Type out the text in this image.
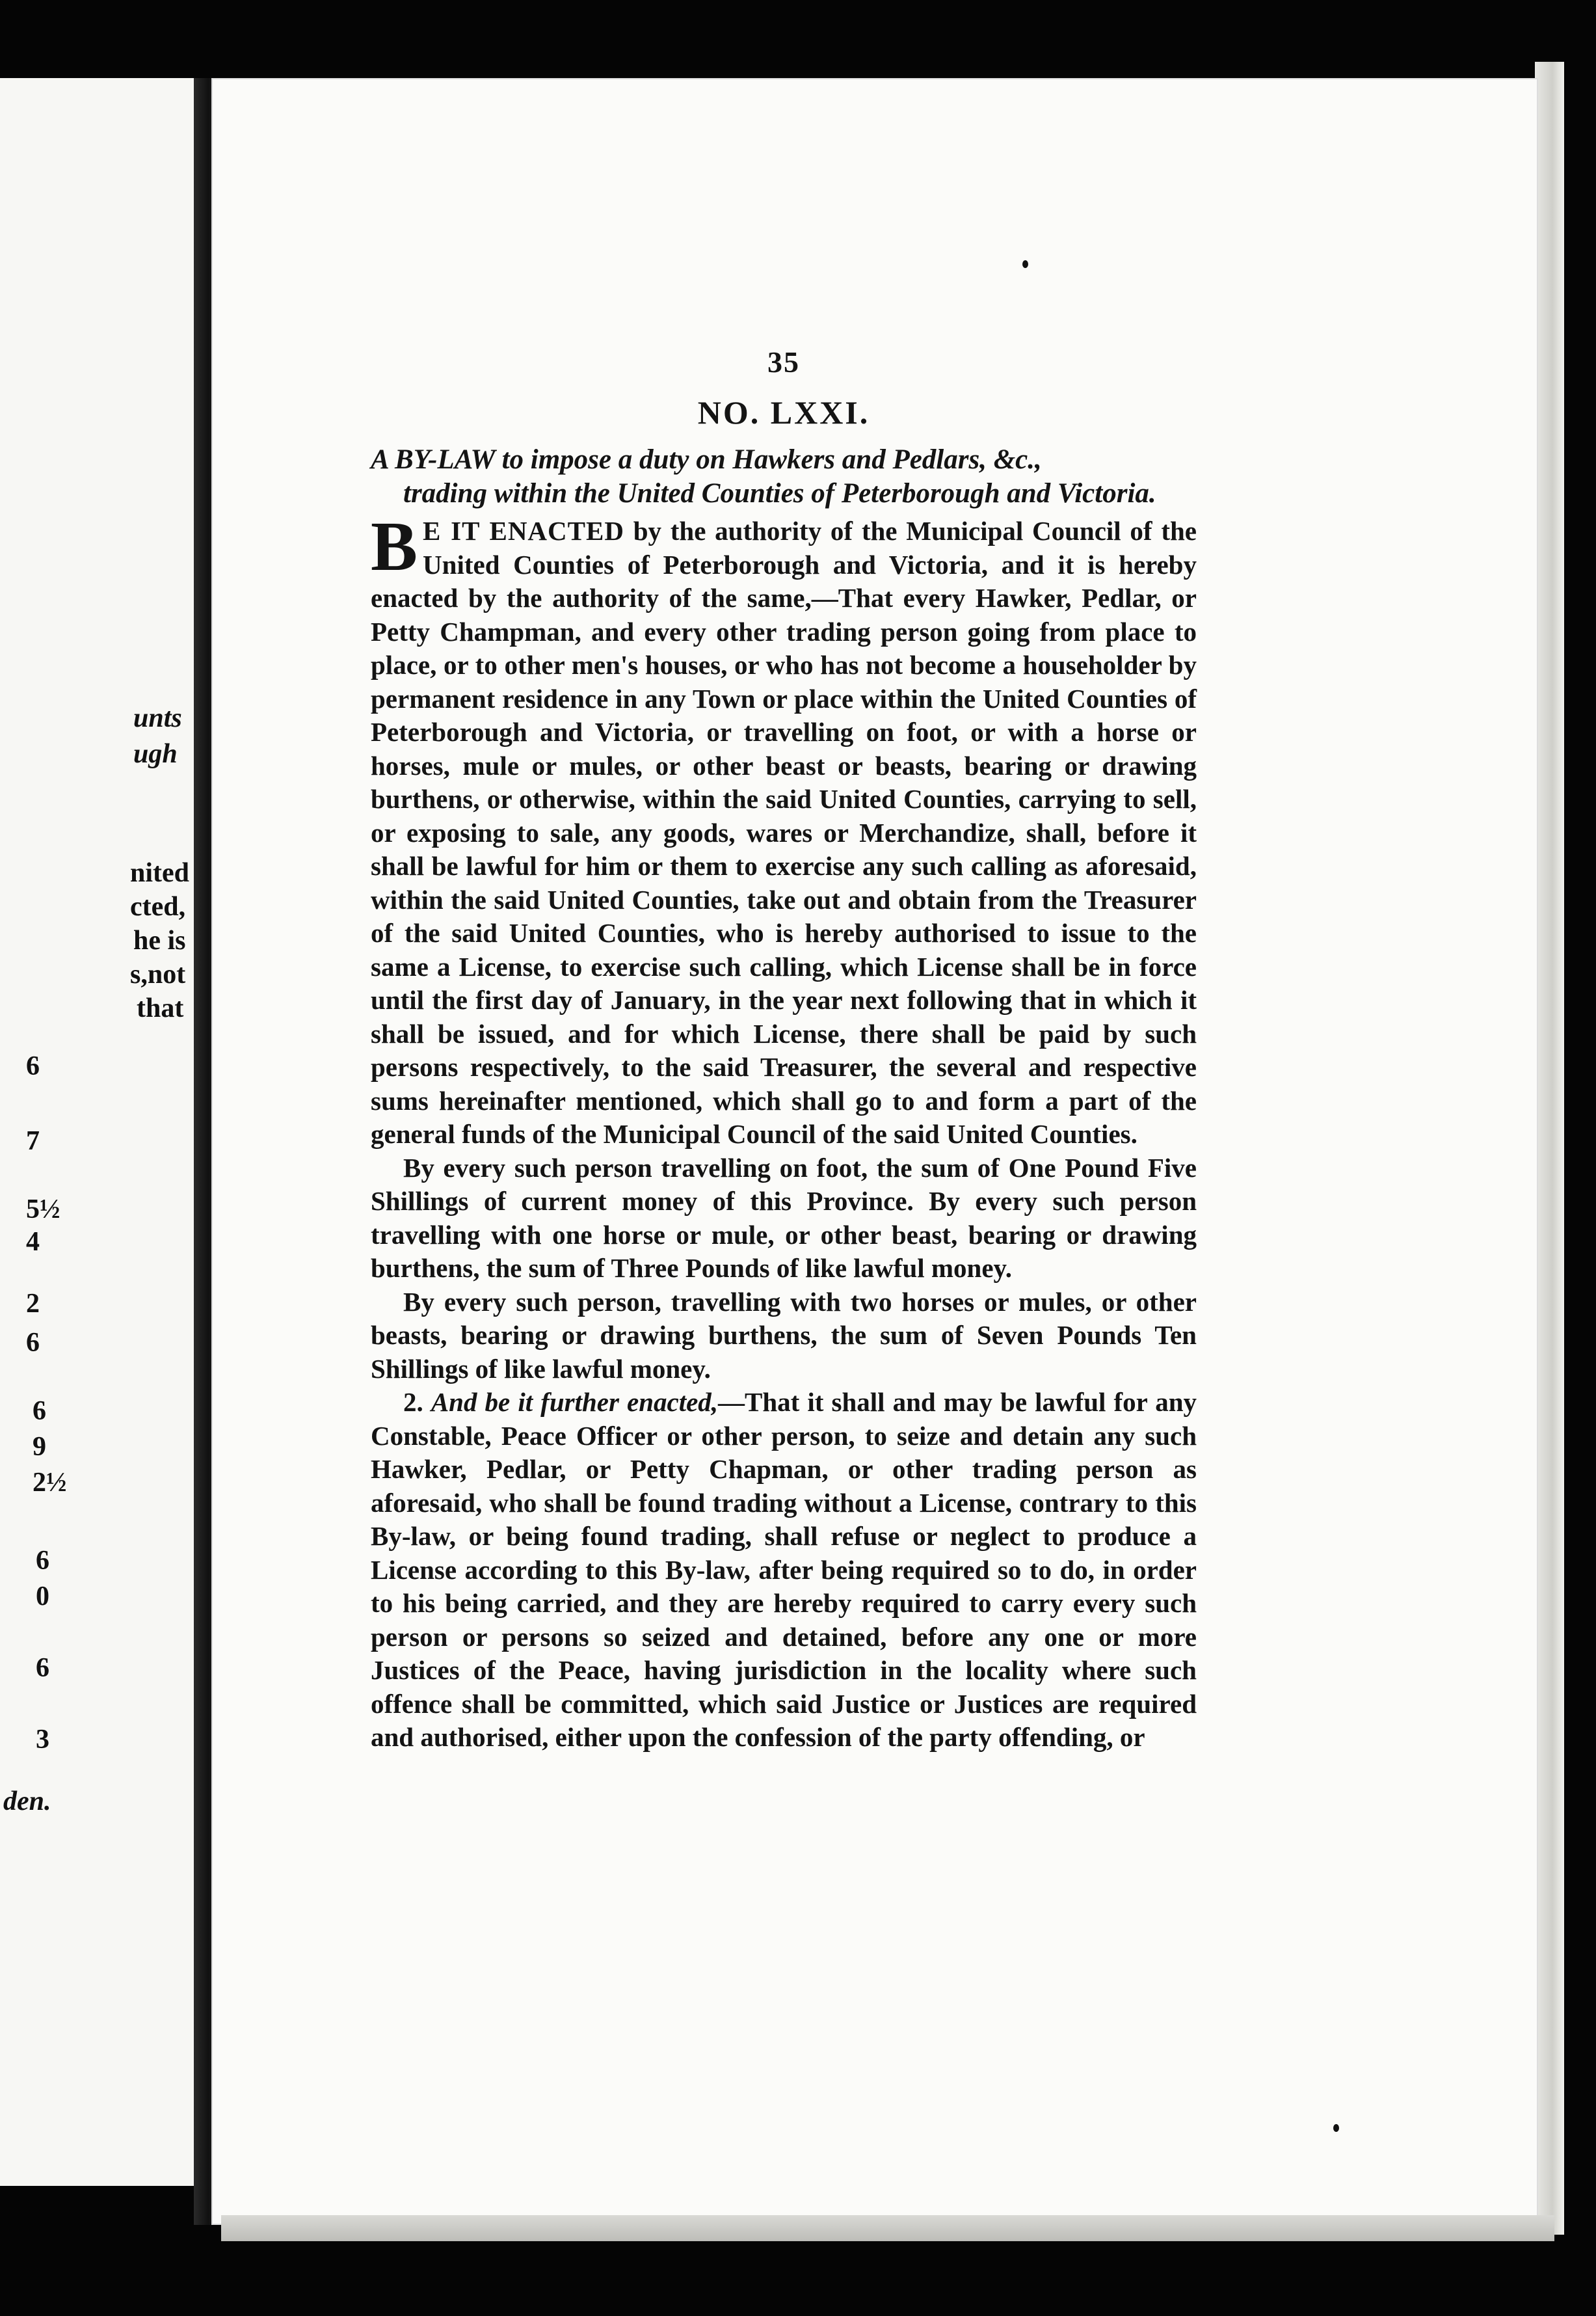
unts
ugh
nited
cted,
he is
s,not
that
6
7
5½
4
2
6
6
9
2½
6
0
6
3
den.
35
NO. LXXI.
A BY-LAW to impose a duty on Hawkers and Pedlars, &c.,
trading within the United Counties of Peterborough and Victoria.

B E IT ENACTED by the authority of the Municipal Council of the United Counties of Peterborough and Victoria, and it is hereby enacted by the authority of the same,—That every Hawker, Pedlar, or Petty Champman, and every other trading person going from place to place, or to other men's houses, or who has not become a householder by permanent residence in any Town or place within the United Counties of Peterborough and Victoria, or travelling on foot, or with a horse or horses, mule or mules, or other beast or beasts, bearing or drawing burthens, or otherwise, within the said United Counties, carrying to sell, or exposing to sale, any goods, wares or Merchandize, shall, before it shall be lawful for him or them to exercise any such calling as aforesaid, within the said United Counties, take out and obtain from the Treasurer of the said United Counties, who is hereby authorised to issue to the same a License, to exercise such calling, which License shall be in force until the first day of January, in the year next following that in which it shall be issued, and for which License, there shall be paid by such persons respectively, to the said Treasurer, the several and respective sums hereinafter mentioned, which shall go to and form a part of the general funds of the Municipal Council of the said United Counties.

By every such person travelling on foot, the sum of One Pound Five Shillings of current money of this Province. By every such person travelling with one horse or mule, or other beast, bearing or drawing burthens, the sum of Three Pounds of like lawful money.

By every such person, travelling with two horses or mules, or other beasts, bearing or drawing burthens, the sum of Seven Pounds Ten Shillings of like lawful money.

2. And be it further enacted,—That it shall and may be lawful for any Constable, Peace Officer or other person, to seize and detain any such Hawker, Pedlar, or Petty Chapman, or other trading person as aforesaid, who shall be found trading without a License, contrary to this By-law, or being found trading, shall refuse or neglect to produce a License according to this By-law, after being required so to do, in order to his being carried, and they are hereby required to carry every such person or persons so seized and detained, before any one or more Justices of the Peace, having jurisdiction in the locality where such offence shall be committed, which said Justice or Justices are required and authorised, either upon the confession of the party offending, or
